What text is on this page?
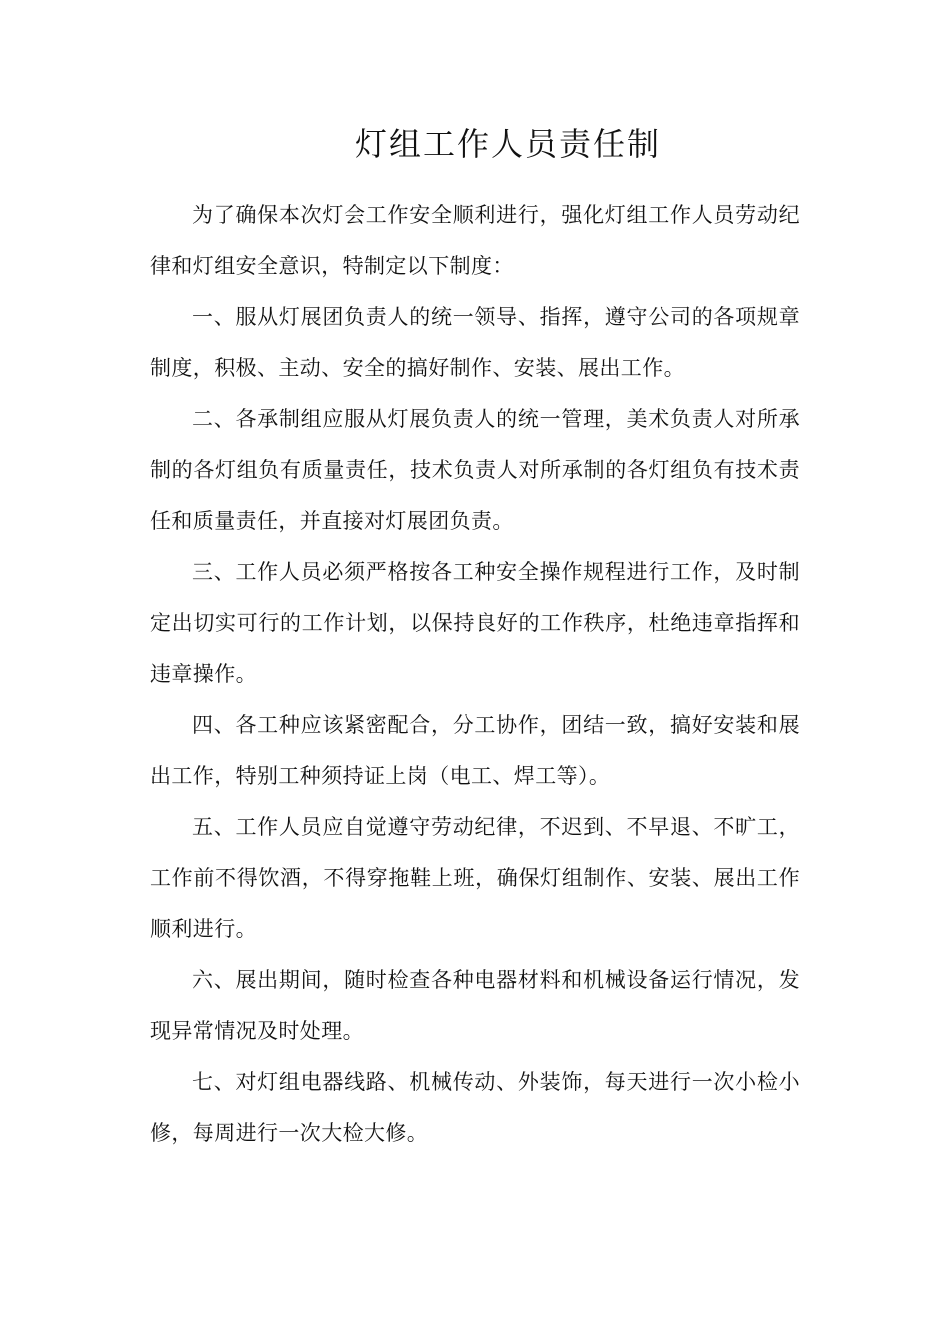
灯组工作人员责任制

为了确保本次灯会工作安全顺利进行，强化灯组工作人员劳动纪律和灯组安全意识，特制定以下制度：

一、服从灯展团负责人的统一领导、指挥，遵守公司的各项规章制度，积极、主动、安全的搞好制作、安装、展出工作。

二、各承制组应服从灯展负责人的统一管理，美术负责人对所承制的各灯组负有质量责任，技术负责人对所承制的各灯组负有技术责任和质量责任，并直接对灯展团负责。

三、工作人员必须严格按各工种安全操作规程进行工作，及时制定出切实可行的工作计划，以保持良好的工作秩序，杜绝违章指挥和违章操作。

四、各工种应该紧密配合，分工协作，团结一致，搞好安装和展出工作，特别工种须持证上岗（电工、焊工等）。

五、工作人员应自觉遵守劳动纪律，不迟到、不早退、不旷工，工作前不得饮酒，不得穿拖鞋上班，确保灯组制作、安装、展出工作顺利进行。

六、展出期间，随时检查各种电器材料和机械设备运行情况，发现异常情况及时处理。

七、对灯组电器线路、机械传动、外装饰，每天进行一次小检小修，每周进行一次大检大修。
